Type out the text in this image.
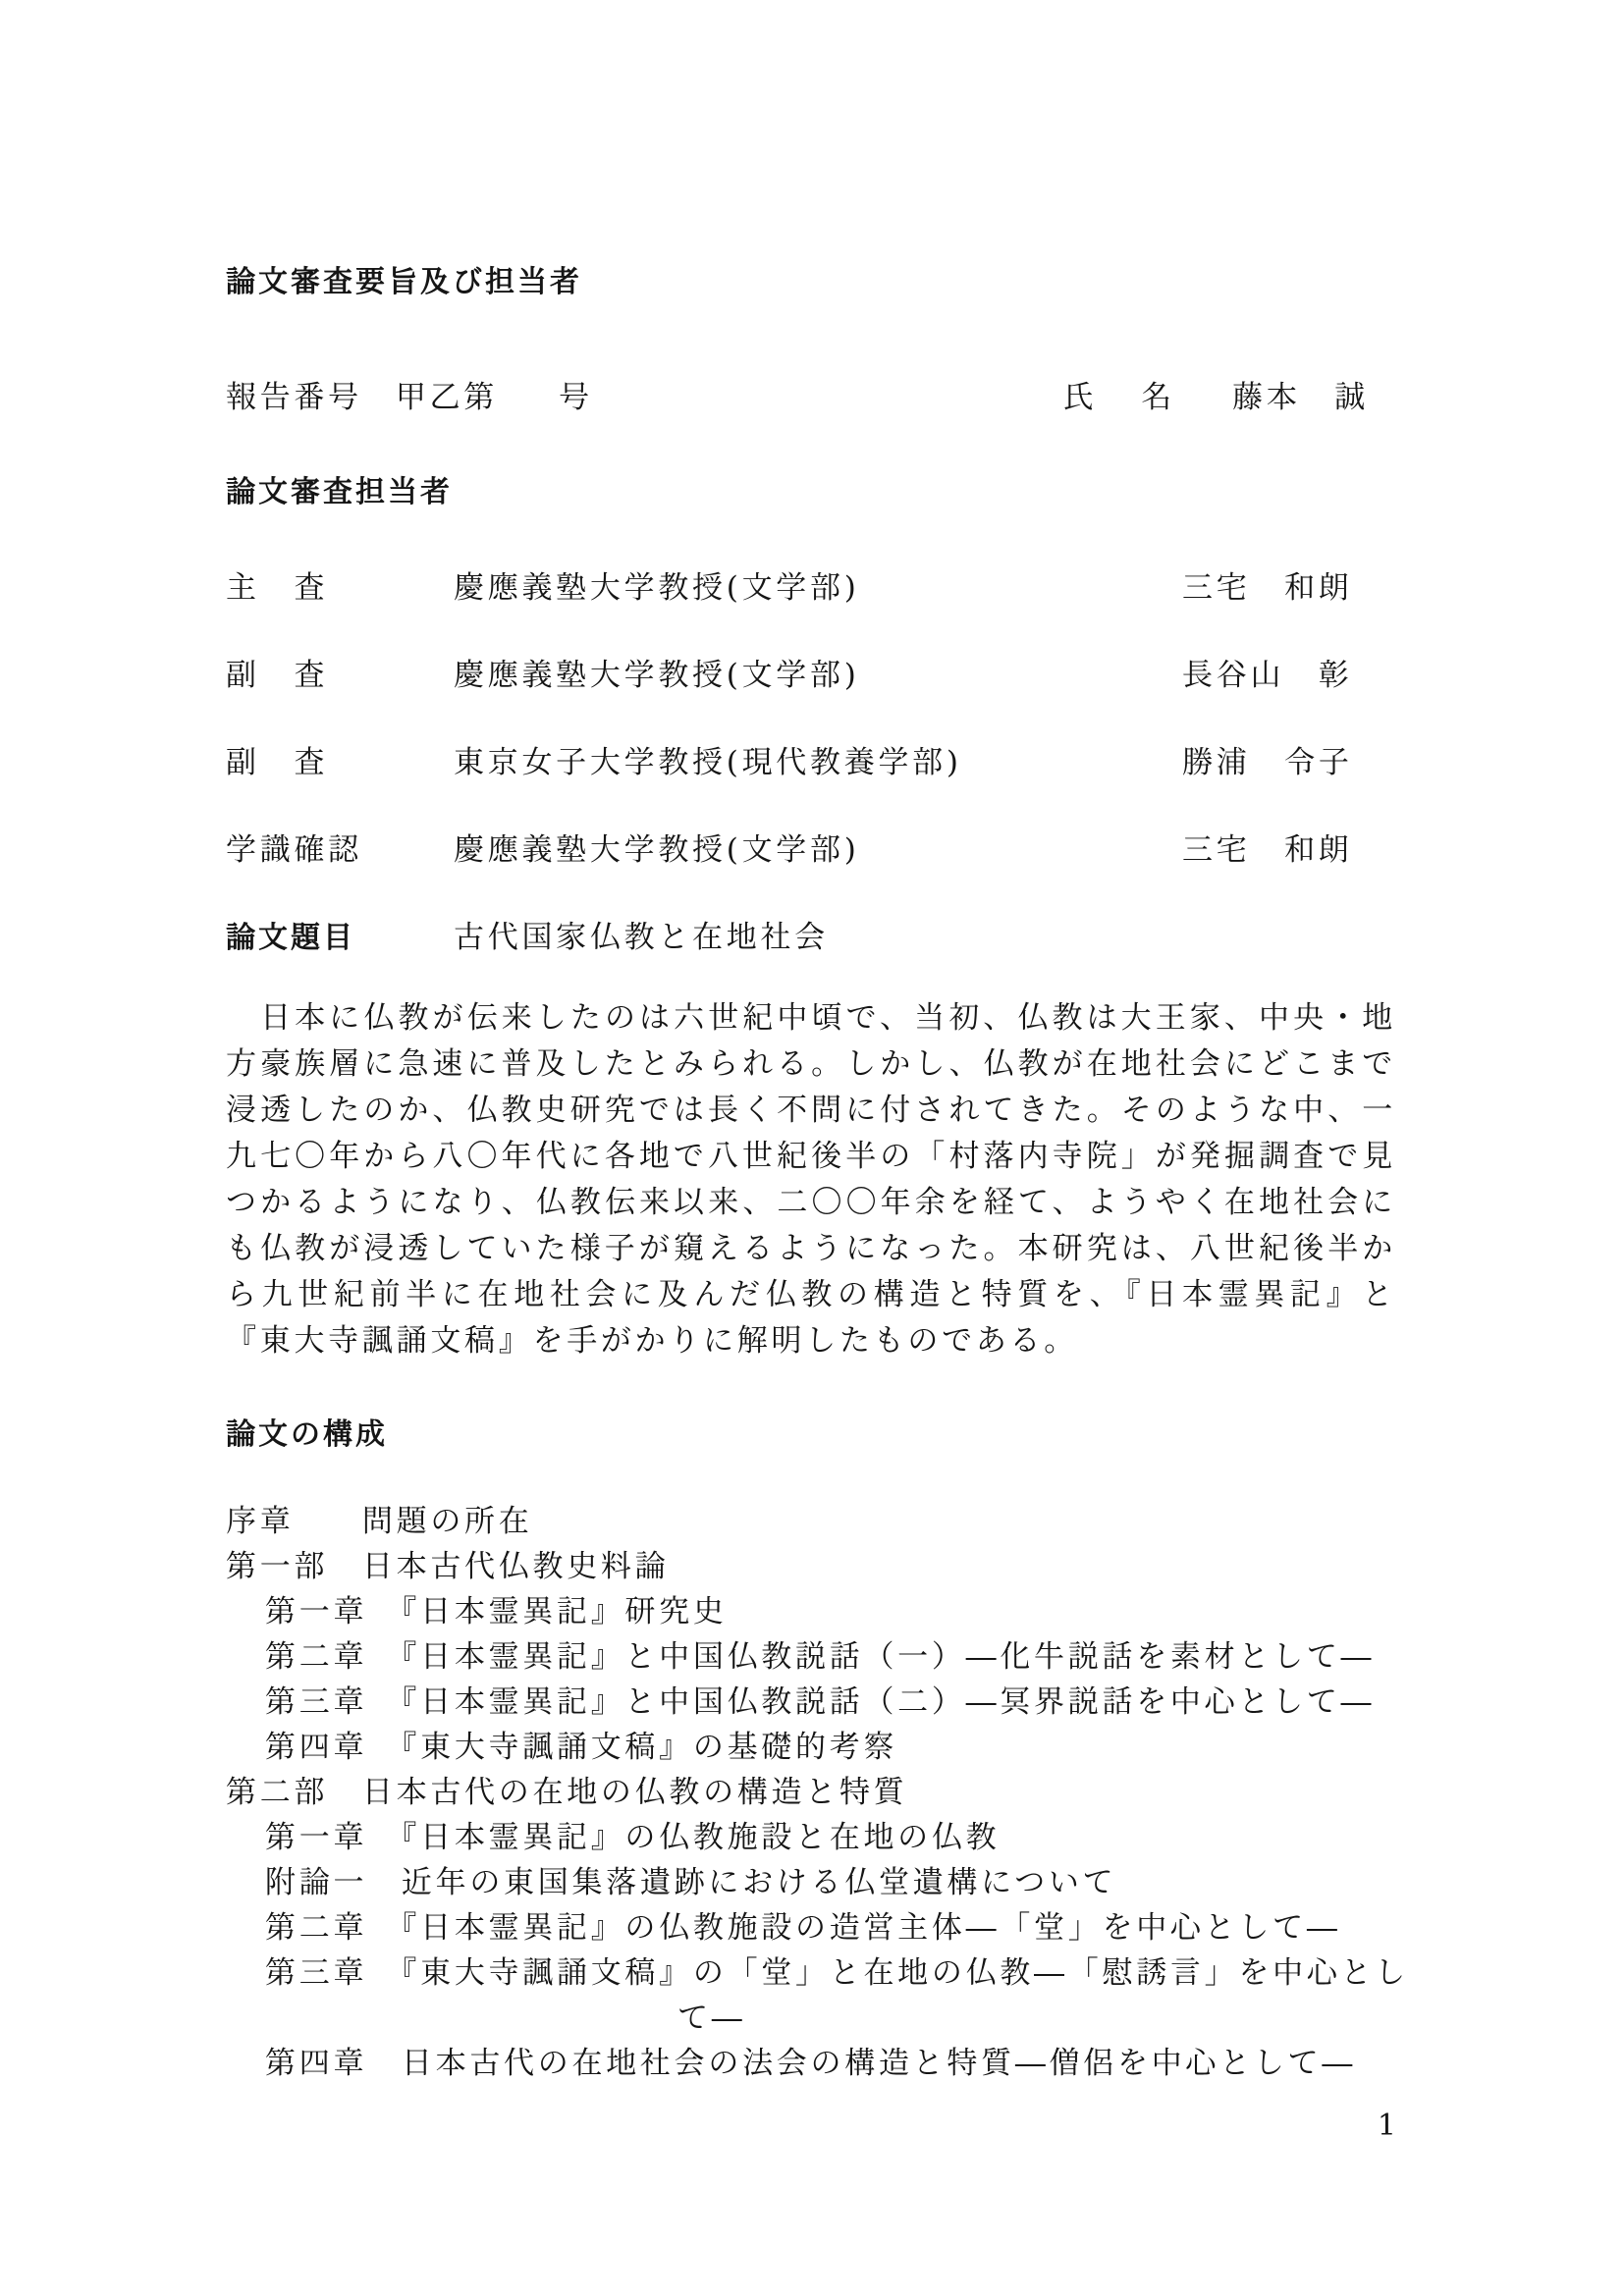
論文審査要旨及び担当者
報告番号 甲乙第 号	氏 名 藤本　誠
論文審査担当者
主　査	慶應義塾大学教授(文学部)	三宅　和朗
副　査	慶應義塾大学教授(文学部)	長谷山　彰
副　査	東京女子大学教授(現代教養学部)	勝浦　令子
学識確認	慶應義塾大学教授(文学部)	三宅　和朗
論文題目	古代国家仏教と在地社会

　日本に仏教が伝来したのは六世紀中頃で、当初、仏教は大王家、中央・地方豪族層に急速に普及したとみられる。しかし、仏教が在地社会にどこまで浸透したのか、仏教史研究では長く不問に付されてきた。そのような中、一九七〇年から八〇年代に各地で八世紀後半の「村落内寺院」が発掘調査で見つかるようになり、仏教伝来以来、二〇〇年余を経て、ようやく在地社会にも仏教が浸透していた様子が窺えるようになった。本研究は、八世紀後半から九世紀前半に在地社会に及んだ仏教の構造と特質を、『日本霊異記』と『東大寺諷誦文稿』を手がかりに解明したものである。

論文の構成
序章　　問題の所在
第一部　日本古代仏教史料論
第一章　『日本霊異記』研究史
第二章　『日本霊異記』と中国仏教説話（一）―化牛説話を素材として―
第三章　『日本霊異記』と中国仏教説話（二）―冥界説話を中心として―
第四章　『東大寺諷誦文稿』の基礎的考察
第二部　日本古代の在地の仏教の構造と特質
第一章　『日本霊異記』の仏教施設と在地の仏教
附論一　近年の東国集落遺跡における仏堂遺構について
第二章　『日本霊異記』の仏教施設の造営主体―「堂」を中心として―
第三章　『東大寺諷誦文稿』の「堂」と在地の仏教―「慰誘言」を中心とし
て―
第四章　日本古代の在地社会の法会の構造と特質―僧侶を中心として―
1
